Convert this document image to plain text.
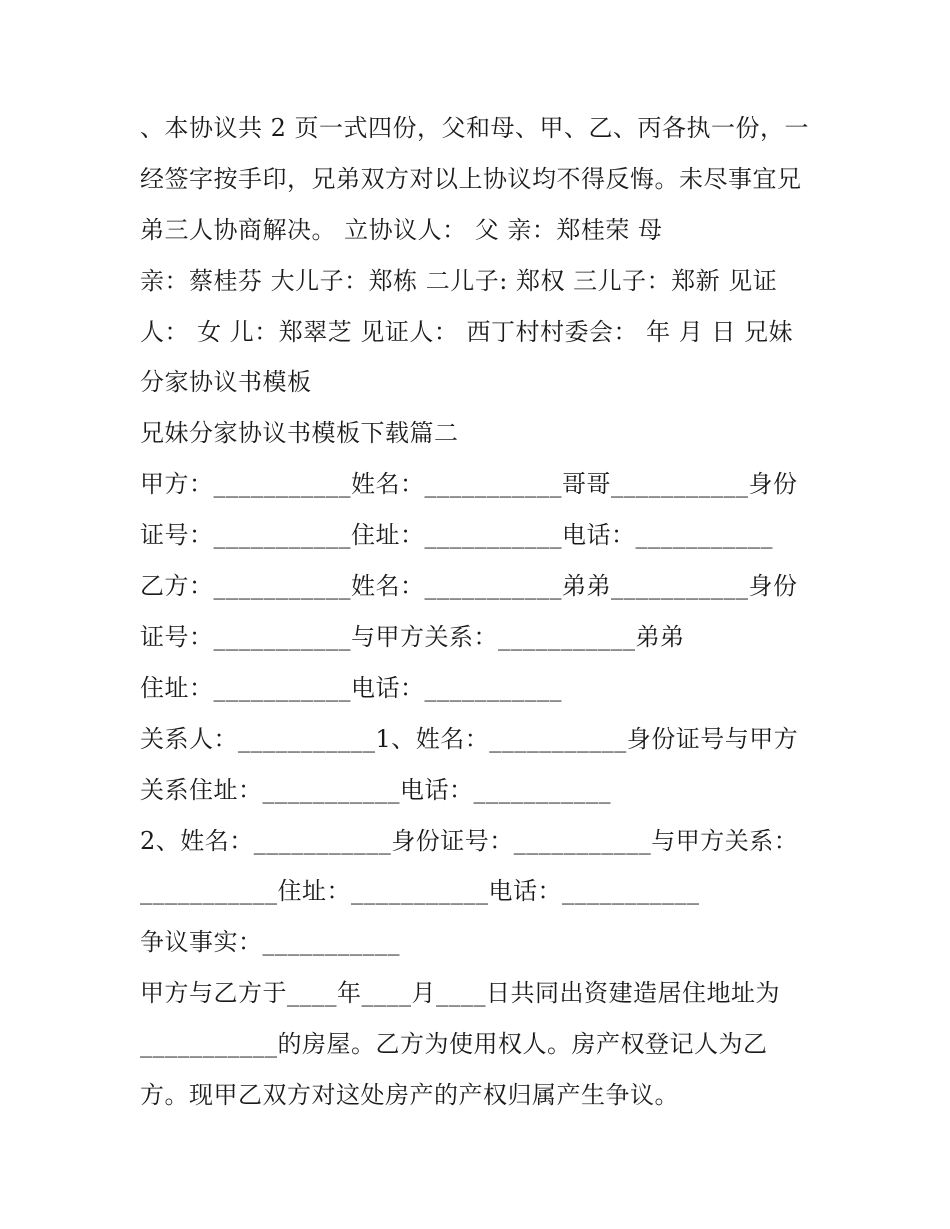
、本协议共 2 页一式四份，父和母、甲、乙、丙各执一份，一
经签字按手印，兄弟双方对以上协议均不得反悔。未尽事宜兄
弟三人协商解决。 立协议人： 父 亲：郑桂荣 母
亲：蔡桂芬 大儿子：郑栋 二儿子: 郑权 三儿子：郑新 见证
人： 女 儿：郑翠芝 见证人： 西丁村村委会： 年 月 日 兄妹
分家协议书模板
兄妹分家协议书模板下载篇二
甲方：___________姓名：___________哥哥___________身份
证号：___________住址：___________电话：___________
乙方：___________姓名：___________弟弟___________身份
证号：___________与甲方关系：___________弟弟
住址：___________电话：___________
关系人：___________1、姓名：___________身份证号与甲方
关系住址：___________电话：___________
2、姓名：___________身份证号：___________与甲方关系：
___________住址：___________电话：___________
争议事实：___________
甲方与乙方于____年____月____日共同出资建造居住地址为
___________的房屋。乙方为使用权人。房产权登记人为乙
方。现甲乙双方对这处房产的产权归属产生争议。
